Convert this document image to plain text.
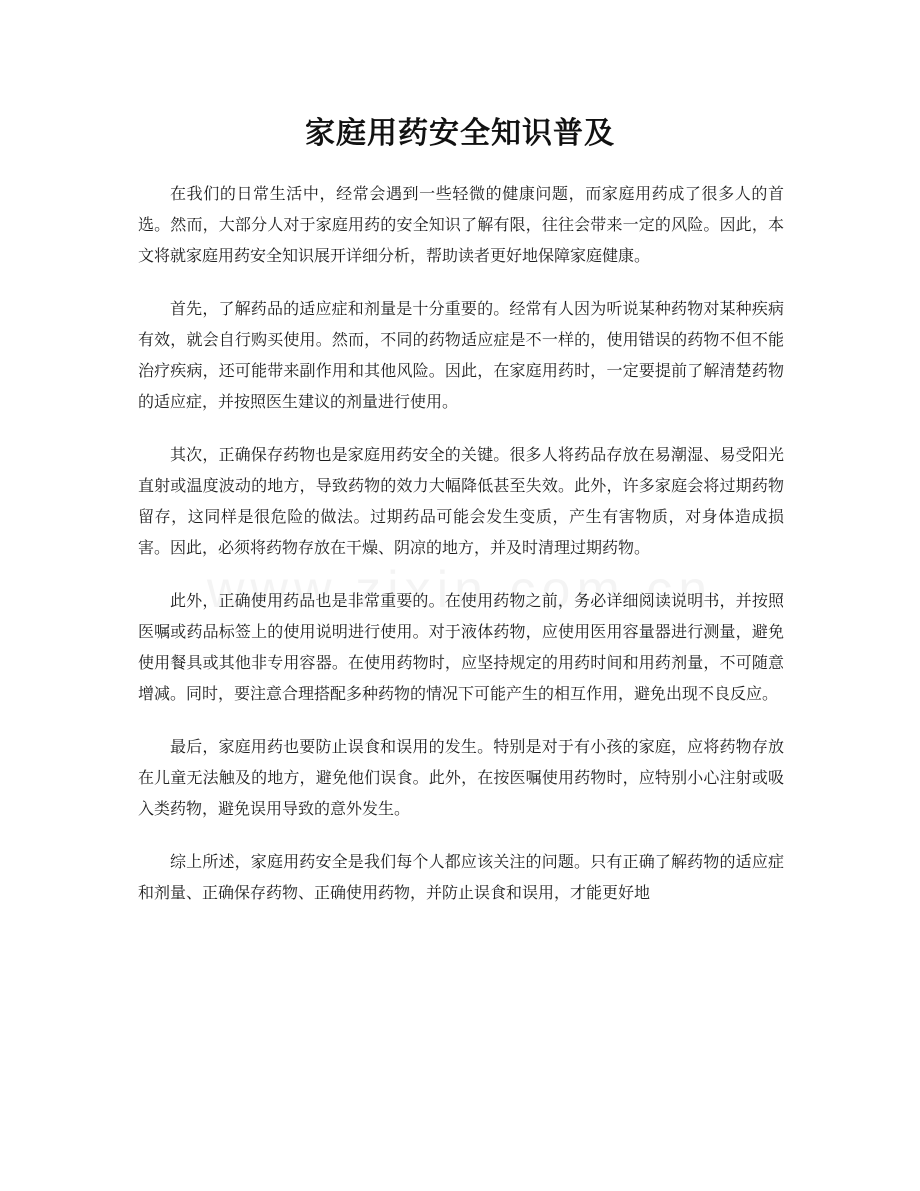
家庭用药安全知识普及

在我们的日常生活中，经常会遇到一些轻微的健康问题，而家庭用药成了很多人的首选。然而，大部分人对于家庭用药的安全知识了解有限，往往会带来一定的风险。因此，本文将就家庭用药安全知识展开详细分析，帮助读者更好地保障家庭健康。

首先，了解药品的适应症和剂量是十分重要的。经常有人因为听说某种药物对某种疾病有效，就会自行购买使用。然而，不同的药物适应症是不一样的，使用错误的药物不但不能治疗疾病，还可能带来副作用和其他风险。因此，在家庭用药时，一定要提前了解清楚药物的适应症，并按照医生建议的剂量进行使用。

其次，正确保存药物也是家庭用药安全的关键。很多人将药品存放在易潮湿、易受阳光直射或温度波动的地方，导致药物的效力大幅降低甚至失效。此外，许多家庭会将过期药物留存，这同样是很危险的做法。过期药品可能会发生变质，产生有害物质，对身体造成损害。因此，必须将药物存放在干燥、阴凉的地方，并及时清理过期药物。

此外，正确使用药品也是非常重要的。在使用药物之前，务必详细阅读说明书，并按照医嘱或药品标签上的使用说明进行使用。对于液体药物，应使用医用容量器进行测量，避免使用餐具或其他非专用容器。在使用药物时，应坚持规定的用药时间和用药剂量，不可随意增减。同时，要注意合理搭配多种药物的情况下可能产生的相互作用，避免出现不良反应。

最后，家庭用药也要防止误食和误用的发生。特别是对于有小孩的家庭，应将药物存放在儿童无法触及的地方，避免他们误食。此外，在按医嘱使用药物时，应特别小心注射或吸入类药物，避免误用导致的意外发生。

综上所述，家庭用药安全是我们每个人都应该关注的问题。只有正确了解药物的适应症和剂量、正确保存药物、正确使用药物，并防止误食和误用，才能更好地
